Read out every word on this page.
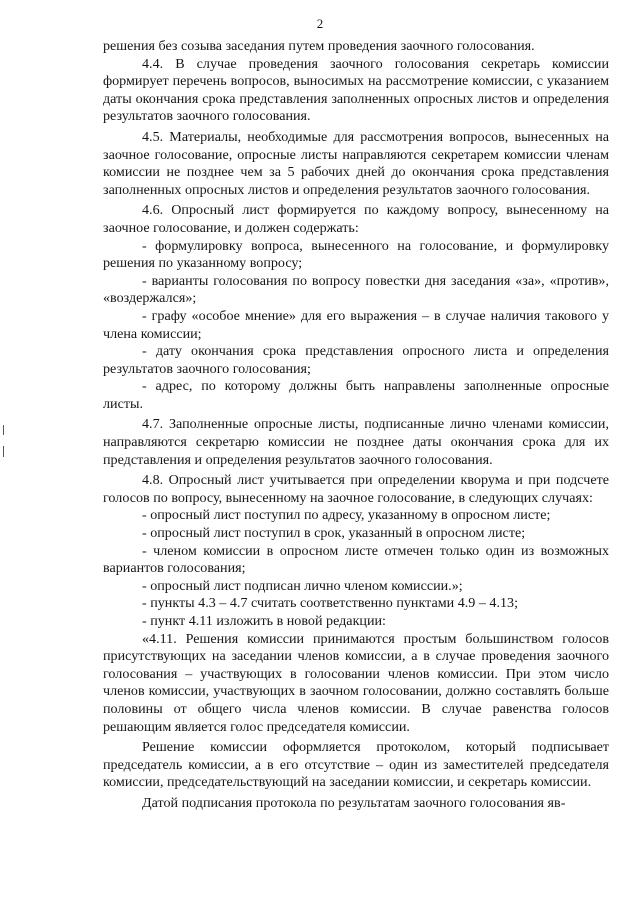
2

решения без созыва заседания путем проведения заочного голосования.

4.4. В случае проведения заочного голосования секретарь комиссии формирует перечень вопросов, выносимых на рассмотрение комиссии, с указанием даты окончания срока представления заполненных опросных листов и определения результатов заочного голосования.

4.5. Материалы, необходимые для рассмотрения вопросов, вынесенных на заочное голосование, опросные листы направляются секретарем комиссии членам комиссии не позднее чем за 5 рабочих дней до окончания срока представления заполненных опросных листов и определения результатов заочного голосования.

4.6. Опросный лист формируется по каждому вопросу, вынесенному на заочное голосование, и должен содержать:

- формулировку вопроса, вынесенного на голосование, и формулировку решения по указанному вопросу;

- варианты голосования по вопросу повестки дня заседания «за», «против», «воздержался»;

- графу «особое мнение» для его выражения – в случае наличия такового у члена комиссии;

- дату окончания срока представления опросного листа и определения результатов заочного голосования;

- адрес, по которому должны быть направлены заполненные опросные листы.

4.7. Заполненные опросные листы, подписанные лично членами комиссии, направляются секретарю комиссии не позднее даты окончания срока для их представления и определения результатов заочного голосования.

4.8. Опросный лист учитывается при определении кворума и при подсчете голосов по вопросу, вынесенному на заочное голосование, в следующих случаях:

- опросный лист поступил по адресу, указанному в опросном листе;

- опросный лист поступил в срок, указанный в опросном листе;

- членом комиссии в опросном листе отмечен только один из возможных вариантов голосования;

- опросный лист подписан лично членом комиссии.»;

- пункты 4.3 – 4.7 считать соответственно пунктами 4.9 – 4.13;

- пункт 4.11 изложить в новой редакции:

«4.11. Решения комиссии принимаются простым большинством голосов присутствующих на заседании членов комиссии, а в случае проведения заочного голосования – участвующих в голосовании членов комиссии. При этом число членов комиссии, участвующих в заочном голосовании, должно составлять больше половины от общего числа членов комиссии. В случае равенства голосов решающим является голос председателя комиссии.

Решение комиссии оформляется протоколом, который подписывает председатель комиссии, а в его отсутствие – один из заместителей председателя комиссии, председательствующий на заседании комиссии, и секретарь комиссии.

Датой подписания протокола по результатам заочного голосования яв-
